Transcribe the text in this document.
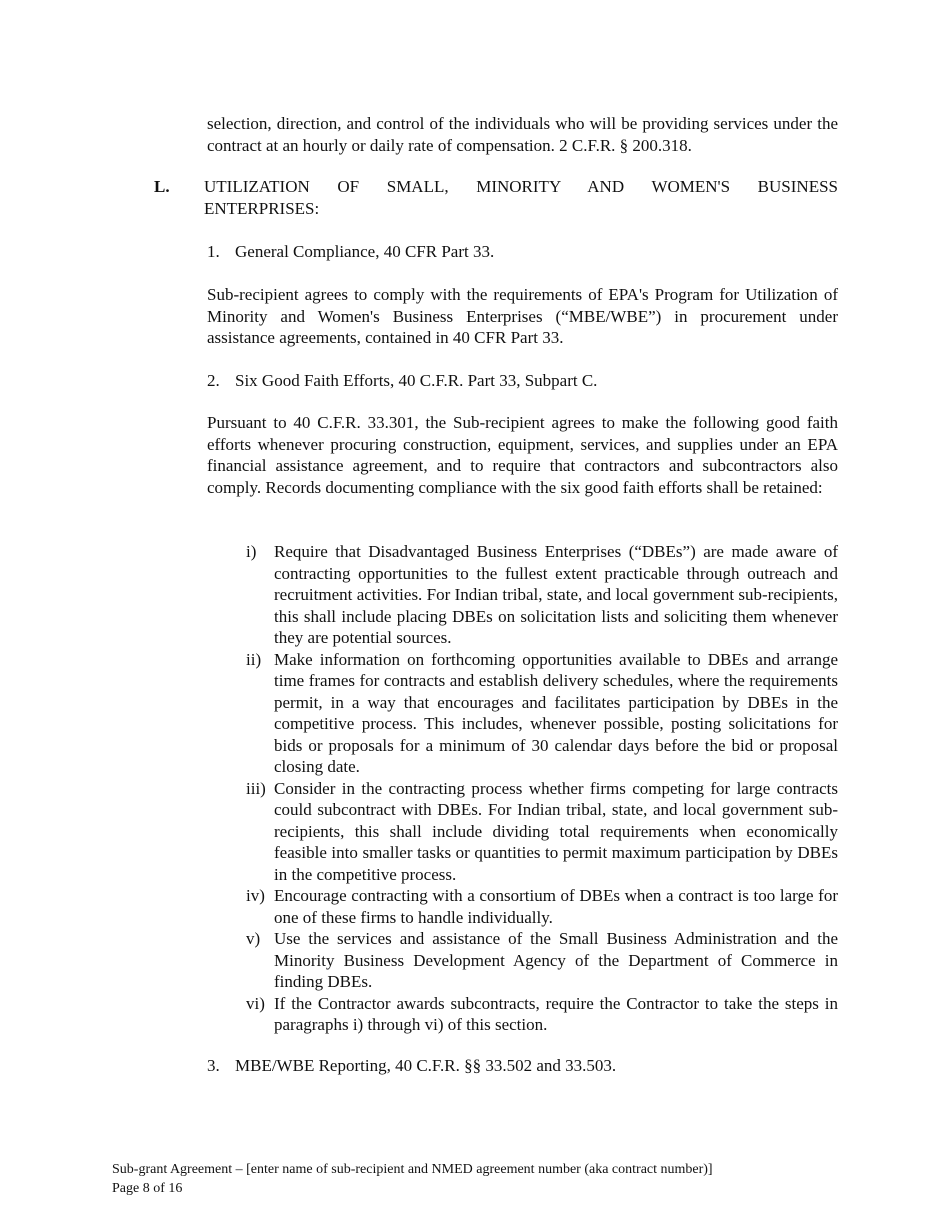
selection, direction, and control of the individuals who will be providing services under the contract at an hourly or daily rate of compensation. 2 C.F.R. § 200.318.
L. UTILIZATION OF SMALL, MINORITY AND WOMEN'S BUSINESS
ENTERPRISES:
1. General Compliance, 40 CFR Part 33.
Sub-recipient agrees to comply with the requirements of EPA's Program for Utilization of Minority and Women's Business Enterprises (“MBE/WBE”) in procurement under assistance agreements, contained in 40 CFR Part 33.
2. Six Good Faith Efforts, 40 C.F.R. Part 33, Subpart C.
Pursuant to 40 C.F.R. 33.301, the Sub-recipient agrees to make the following good faith efforts whenever procuring construction, equipment, services, and supplies under an EPA financial assistance agreement, and to require that contractors and subcontractors also comply. Records documenting compliance with the six good faith efforts shall be retained:
i) Require that Disadvantaged Business Enterprises (“DBEs”) are made aware of contracting opportunities to the fullest extent practicable through outreach and recruitment activities. For Indian tribal, state, and local government sub-recipients, this shall include placing DBEs on solicitation lists and soliciting them whenever they are potential sources.
ii) Make information on forthcoming opportunities available to DBEs and arrange time frames for contracts and establish delivery schedules, where the requirements permit, in a way that encourages and facilitates participation by DBEs in the competitive process. This includes, whenever possible, posting solicitations for bids or proposals for a minimum of 30 calendar days before the bid or proposal closing date.
iii) Consider in the contracting process whether firms competing for large contracts could subcontract with DBEs. For Indian tribal, state, and local government sub-recipients, this shall include dividing total requirements when economically feasible into smaller tasks or quantities to permit maximum participation by DBEs in the competitive process.
iv) Encourage contracting with a consortium of DBEs when a contract is too large for one of these firms to handle individually.
v) Use the services and assistance of the Small Business Administration and the Minority Business Development Agency of the Department of Commerce in finding DBEs.
vi) If the Contractor awards subcontracts, require the Contractor to take the steps in paragraphs i) through vi) of this section.
3. MBE/WBE Reporting, 40 C.F.R. §§ 33.502 and 33.503.
Sub-grant Agreement – [enter name of sub-recipient and NMED agreement number (aka contract number)]
Page 8 of 16
